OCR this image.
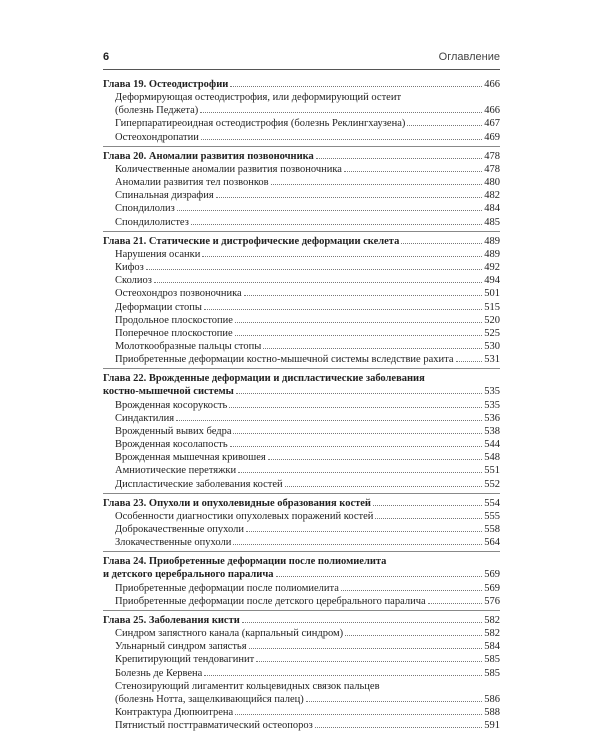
6	Оглавление
Глава 19. Остеодистрофии	466
Деформирующая остеодистрофия, или деформирующий остеит
(болезнь Педжета)	466
Гиперпаратиреоидная остеодистрофия (болезнь Реклингхаузена)	467
Остеохондропатии	469
Глава 20. Аномалии развития позвоночника	478
Количественные аномалии развития позвоночника	478
Аномалии развития тел позвонков	480
Спинальная дизрафия	482
Спондилолиз	484
Спондилолистез	485
Глава 21. Статические и дистрофические деформации скелета	489
Нарушения осанки	489
Кифоз	492
Сколиоз	494
Остеохондроз позвоночника	501
Деформации стопы	515
Продольное плоскостопие	520
Поперечное плоскостопие	525
Молоткообразные пальцы стопы	530
Приобретенные деформации костно-мышечной системы вследствие рахита	531
Глава 22. Врожденные деформации и диспластические заболевания
костно-мышечной системы	535
Врожденная косорукость	535
Синдактилия	536
Врожденный вывих бедра	538
Врожденная косолапость	544
Врожденная мышечная кривошея	548
Амниотические перетяжки	551
Диспластические заболевания костей	552
Глава 23. Опухоли и опухолевидные образования костей	554
Особенности диагностики опухолевых поражений костей	555
Доброкачественные опухоли	558
Злокачественные опухоли	564
Глава 24. Приобретенные деформации после полиомиелита
и детского церебрального паралича	569
Приобретенные деформации после полиомиелита	569
Приобретенные деформации после детского церебрального паралича	576
Глава 25. Заболевания кисти	582
Синдром запястного канала (карпальный синдром)	582
Ульнарный синдром запястья	584
Крепитирующий тендовагинит	585
Болезнь де Кервена	585
Стенозирующий лигаментит кольцевидных связок пальцев
(болезнь Нотта, защелкивающийся палец)	586
Контрактура Дюпюитрена	588
Пятнистый посттравматический остеопороз	591
